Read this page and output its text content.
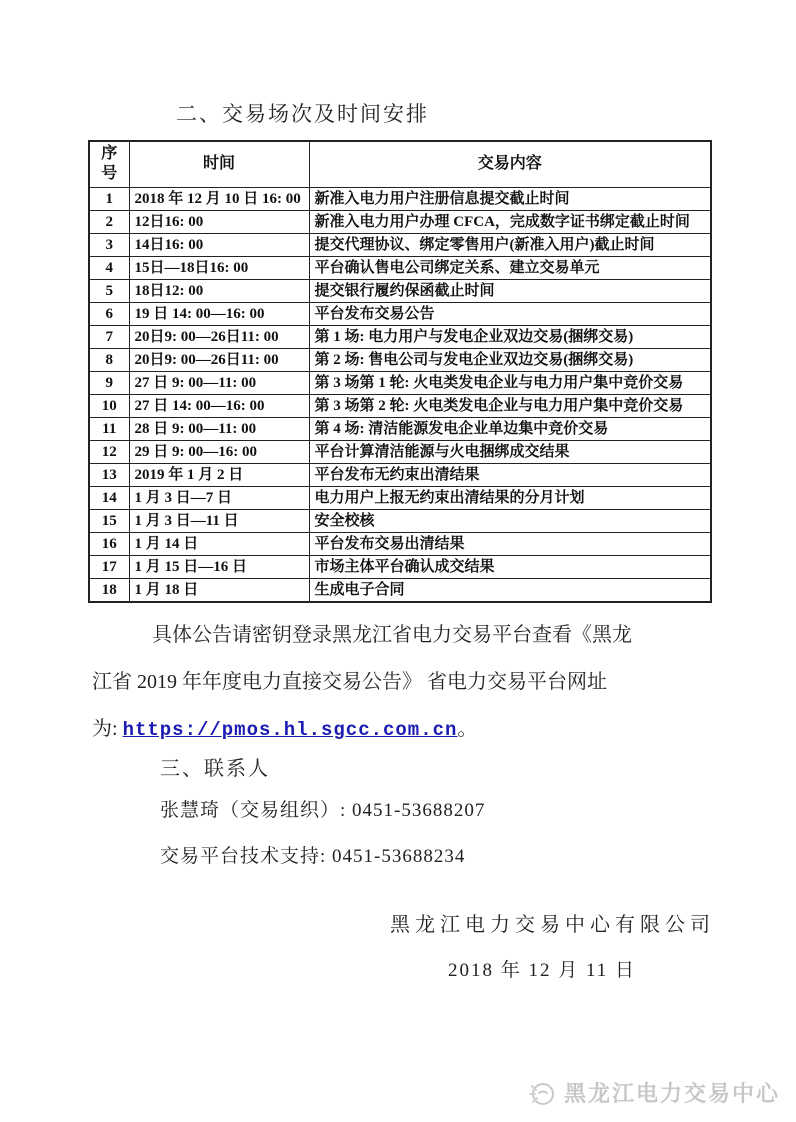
二、交易场次及时间安排
序号	时间	交易内容
1	2018 年 12 月 10 日 16: 00	新准入电力用户注册信息提交截止时间
2	12日16: 00	新准入电力用户办理 CFCA，完成数字证书绑定截止时间
3	14日16: 00	提交代理协议、绑定零售用户(新准入用户)截止时间
4	15日—18日16: 00	平台确认售电公司绑定关系、建立交易单元
5	18日12: 00	提交银行履约保函截止时间
6	19 日 14: 00—16: 00	平台发布交易公告
7	20日9: 00—26日11: 00	第 1 场: 电力用户与发电企业双边交易(捆绑交易)
8	20日9: 00—26日11: 00	第 2 场: 售电公司与发电企业双边交易(捆绑交易)
9	27 日 9: 00—11: 00	第 3 场第 1 轮: 火电类发电企业与电力用户集中竞价交易
10	27 日 14: 00—16: 00	第 3 场第 2 轮: 火电类发电企业与电力用户集中竞价交易
11	28 日 9: 00—11: 00	第 4 场: 清洁能源发电企业单边集中竞价交易
12	29 日 9: 00—16: 00	平台计算清洁能源与火电捆绑成交结果
13	2019 年 1 月 2 日	平台发布无约束出清结果
14	1 月 3 日—7 日	电力用户上报无约束出清结果的分月计划
15	1 月 3 日—11 日	安全校核
16	1 月 14 日	平台发布交易出清结果
17	1 月 15 日—16 日	市场主体平台确认成交结果
18	1 月 18 日	生成电子合同
具体公告请密钥登录黑龙江省电力交易平台查看《黑龙
江省 2019 年年度电力直接交易公告》 省电力交易平台网址
为: https://pmos.hl.sgcc.com.cn。
三、联系人
张慧琦（交易组织）: 0451-53688207
交易平台技术支持: 0451-53688234
黑龙江电力交易中心有限公司
2018 年 12 月 11 日
黑龙江电力交易中心
